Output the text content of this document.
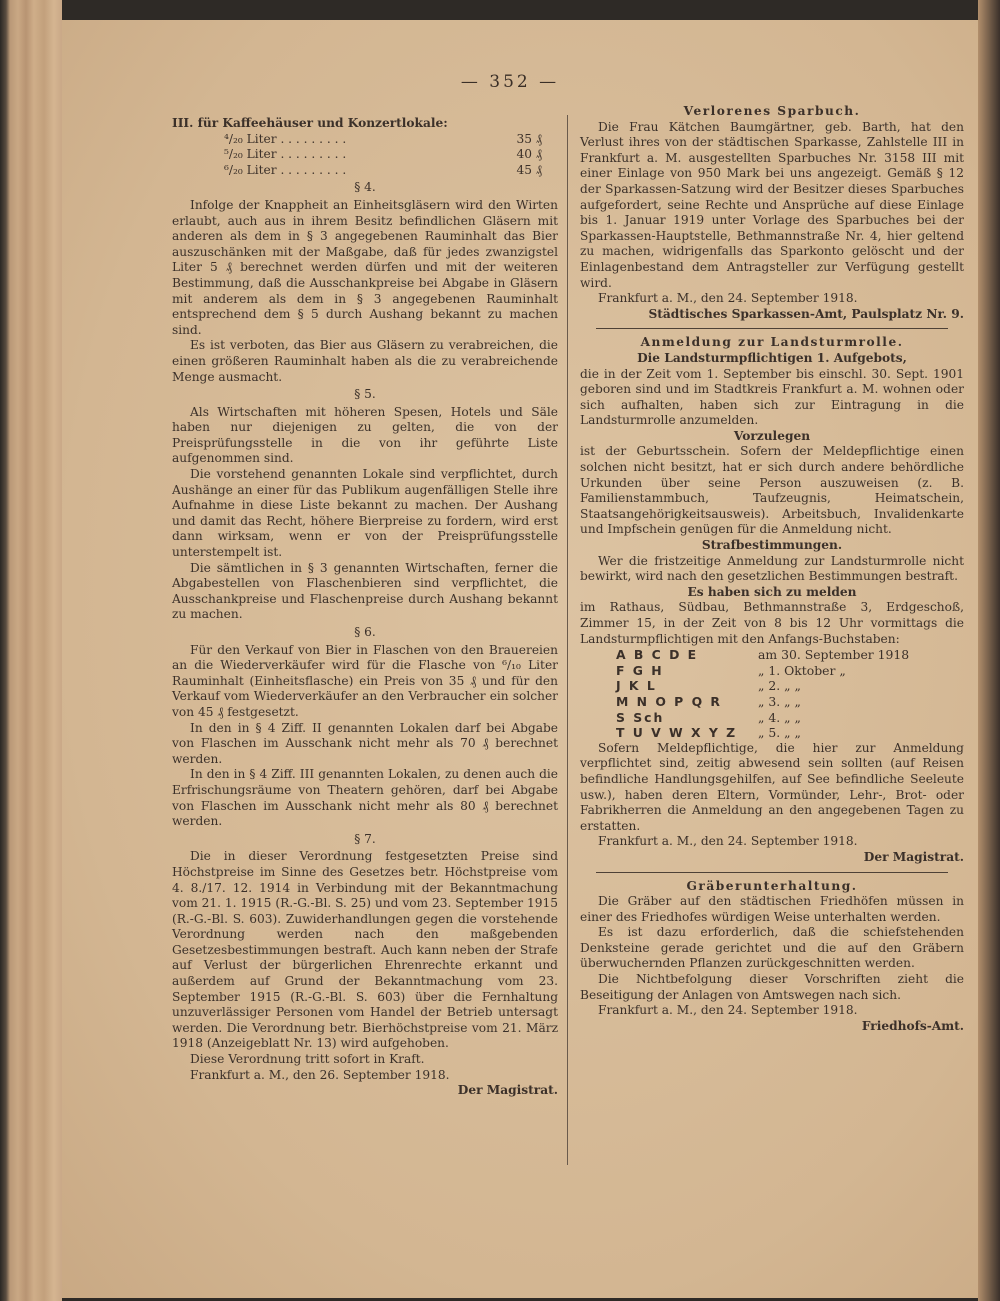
— 352 —

III. für Kaffeehäuser und Konzertlokale:

⁴/₂₀ Liter . . . . . . . . .	35 ₰
⁵/₂₀ Liter . . . . . . . . .	40 ₰
⁶/₂₀ Liter . . . . . . . . .	45 ₰

§ 4.

Infolge der Knappheit an Einheitsgläsern wird den Wirten erlaubt, auch aus in ihrem Besitz befindlichen Gläsern mit anderen als dem in § 3 angegebenen Rauminhalt das Bier auszuschänken mit der Maßgabe, daß für jedes zwanzigstel Liter 5 ₰ berechnet werden dürfen und mit der weiteren Bestimmung, daß die Ausschankpreise bei Abgabe in Gläsern mit anderem als dem in § 3 angegebenen Rauminhalt entsprechend dem § 5 durch Aushang bekannt zu machen sind.

Es ist verboten, das Bier aus Gläsern zu verabreichen, die einen größeren Rauminhalt haben als die zu verabreichende Menge ausmacht.

§ 5.

Als Wirtschaften mit höheren Spesen, Hotels und Säle haben nur diejenigen zu gelten, die von der Preisprüfungsstelle in die von ihr geführte Liste aufgenommen sind.

Die vorstehend genannten Lokale sind verpflichtet, durch Aushänge an einer für das Publikum augenfälligen Stelle ihre Aufnahme in diese Liste bekannt zu machen. Der Aushang und damit das Recht, höhere Bierpreise zu fordern, wird erst dann wirksam, wenn er von der Preisprüfungsstelle unterstempelt ist.

Die sämtlichen in § 3 genannten Wirtschaften, ferner die Abgabestellen von Flaschenbieren sind verpflichtet, die Ausschankpreise und Flaschenpreise durch Aushang bekannt zu machen.

§ 6.

Für den Verkauf von Bier in Flaschen von den Brauereien an die Wiederverkäufer wird für die Flasche von ⁶/₁₀ Liter Rauminhalt (Einheitsflasche) ein Preis von 35 ₰ und für den Verkauf vom Wiederverkäufer an den Verbraucher ein solcher von 45 ₰ festgesetzt.

In den in § 4 Ziff. II genannten Lokalen darf bei Abgabe von Flaschen im Ausschank nicht mehr als 70 ₰ berechnet werden.

In den in § 4 Ziff. III genannten Lokalen, zu denen auch die Erfrischungsräume von Theatern gehören, darf bei Abgabe von Flaschen im Ausschank nicht mehr als 80 ₰ berechnet werden.

§ 7.

Die in dieser Verordnung festgesetzten Preise sind Höchstpreise im Sinne des Gesetzes betr. Höchstpreise vom 4. 8./17. 12. 1914 in Verbindung mit der Bekanntmachung vom 21. 1. 1915 (R.-G.-Bl. S. 25) und vom 23. September 1915 (R.-G.-Bl. S. 603). Zuwiderhandlungen gegen die vorstehende Verordnung werden nach den maßgebenden Gesetzesbestimmungen bestraft. Auch kann neben der Strafe auf Verlust der bürgerlichen Ehrenrechte erkannt und außerdem auf Grund der Bekanntmachung vom 23. September 1915 (R.-G.-Bl. S. 603) über die Fernhaltung unzuverlässiger Personen vom Handel der Betrieb untersagt werden. Die Verordnung betr. Bierhöchstpreise vom 21. März 1918 (Anzeigeblatt Nr. 13) wird aufgehoben.

Diese Verordnung tritt sofort in Kraft.

Frankfurt a. M., den 26. September 1918.

Der Magistrat.

Verlorenes Sparbuch.

Die Frau Kätchen Baumgärtner, geb. Barth, hat den Verlust ihres von der städtischen Sparkasse, Zahlstelle III in Frankfurt a. M. ausgestellten Sparbuches Nr. 3158 III mit einer Einlage von 950 Mark bei uns angezeigt. Gemäß § 12 der Sparkassen-Satzung wird der Besitzer dieses Sparbuches aufgefordert, seine Rechte und Ansprüche auf diese Einlage bis 1. Januar 1919 unter Vorlage des Sparbuches bei der Sparkassen-Hauptstelle, Bethmannstraße Nr. 4, hier geltend zu machen, widrigenfalls das Sparkonto gelöscht und der Einlagenbestand dem Antragsteller zur Verfügung gestellt wird.

Frankfurt a. M., den 24. September 1918.

Städtisches Sparkassen-Amt, Paulsplatz Nr. 9.

Anmeldung zur Landsturmrolle.

Die Landsturmpflichtigen 1. Aufgebots,

die in der Zeit vom 1. September bis einschl. 30. Sept. 1901 geboren sind und im Stadtkreis Frankfurt a. M. wohnen oder sich aufhalten, haben sich zur Eintragung in die Landsturmrolle anzumelden.

Vorzulegen

ist der Geburtsschein. Sofern der Meldepflichtige einen solchen nicht besitzt, hat er sich durch andere behördliche Urkunden über seine Person auszuweisen (z. B. Familienstammbuch, Taufzeugnis, Heimatschein, Staatsangehörigkeitsausweis). Arbeitsbuch, Invalidenkarte und Impfschein genügen für die Anmeldung nicht.

Strafbestimmungen.

Wer die fristzeitige Anmeldung zur Landsturmrolle nicht bewirkt, wird nach den gesetzlichen Bestimmungen bestraft.

Es haben sich zu melden

im Rathaus, Südbau, Bethmannstraße 3, Erdgeschoß, Zimmer 15, in der Zeit von 8 bis 12 Uhr vormittags die Landsturmpflichtigen mit den Anfangs-Buchstaben:

A B C D E	am 30. September 1918
F G H	„ 1. Oktober „
J K L	„ 2. „ „
M N O P Q R	„ 3. „ „
S Sch	„ 4. „ „
T U V W X Y Z	„ 5. „ „

Sofern Meldepflichtige, die hier zur Anmeldung verpflichtet sind, zeitig abwesend sein sollten (auf Reisen befindliche Handlungsgehilfen, auf See befindliche Seeleute usw.), haben deren Eltern, Vormünder, Lehr-, Brot- oder Fabrikherren die Anmeldung an den angegebenen Tagen zu erstatten.

Frankfurt a. M., den 24. September 1918.

Der Magistrat.

Gräberunterhaltung.

Die Gräber auf den städtischen Friedhöfen müssen in einer des Friedhofes würdigen Weise unterhalten werden.

Es ist dazu erforderlich, daß die schiefstehenden Denksteine gerade gerichtet und die auf den Gräbern überwuchernden Pflanzen zurückgeschnitten werden.

Die Nichtbefolgung dieser Vorschriften zieht die Beseitigung der Anlagen von Amtswegen nach sich.

Frankfurt a. M., den 24. September 1918.

Friedhofs-Amt.
